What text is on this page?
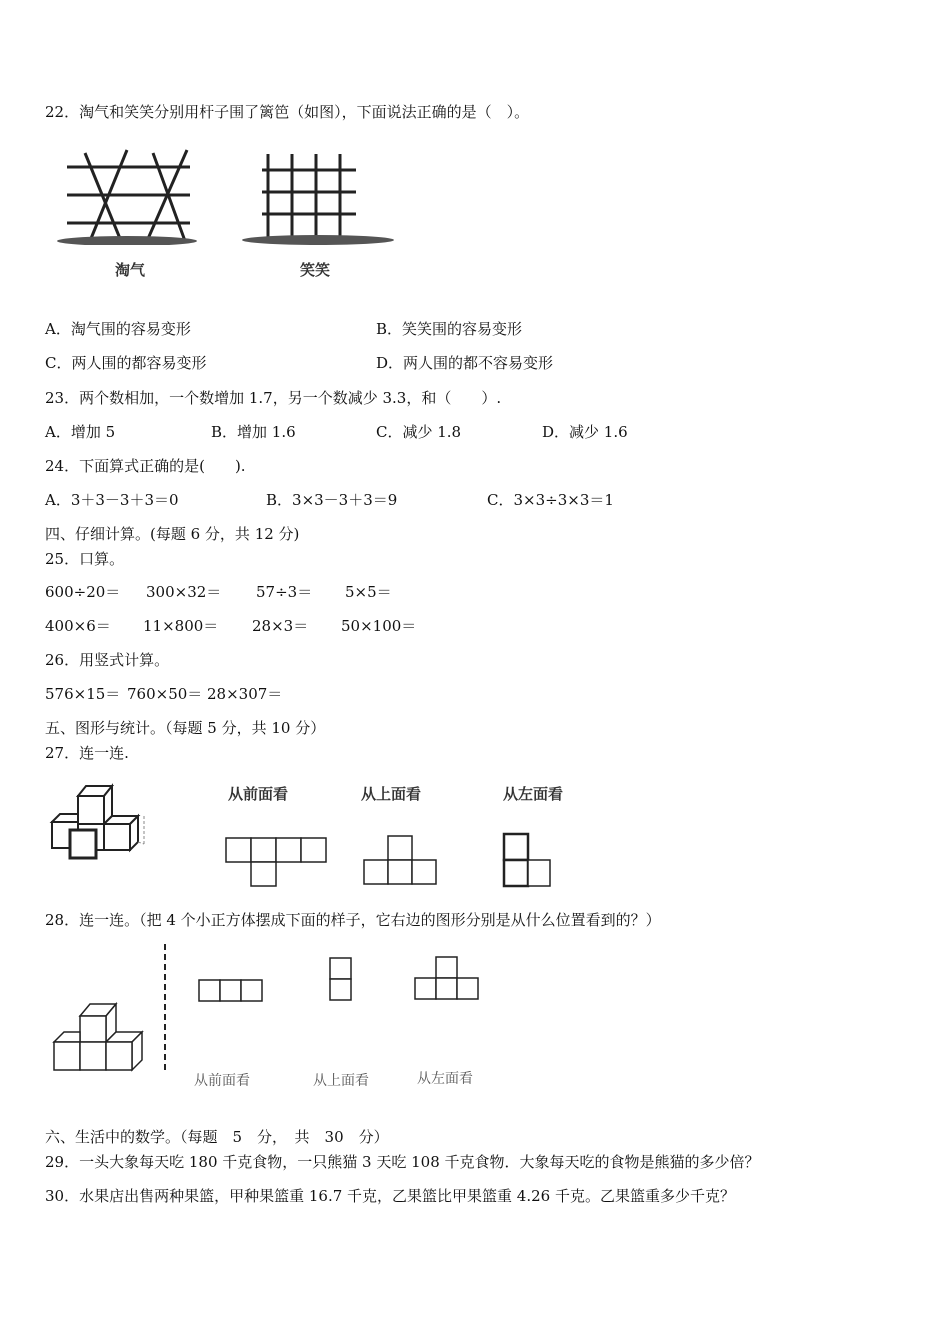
22．淘气和笑笑分别用杆子围了篱笆（如图），下面说法正确的是（　）。
淘气	笑笑
A．淘气围的容易变形	B．笑笑围的容易变形
C．两人围的都容易变形	D．两人围的都不容易变形
23．两个数相加，一个数增加 1.7，另一个数减少 3.3，和（　　）.
A．增加 5	B．增加 1.6	C．减少 1.8	D．减少 1.6
24．下面算式正确的是(　　).
A．3＋3－3＋3＝0	B．3×3－3＋3＝9	C．3×3÷3×3＝1
四、仔细计算。(每题 6 分，共 12 分)
25．口算。
600÷20＝ 300×32＝ 57÷3＝ 5×5＝
400×6＝ 11×800＝ 28×3＝ 50×100＝
26．用竖式计算。
576×15＝ 760×50＝ 28×307＝
五、图形与统计。（每题 5 分，共 10 分）
27．连一连.
从前面看	从上面看	从左面看
28．连一连。（把 4 个小正方体摆成下面的样子，它右边的图形分别是从什么位置看到的？）
从前面看	从上面看	从左面看
六、生活中的数学。（每题　5　分，　共　30　分）
29．一头大象每天吃 180 千克食物，一只熊猫 3 天吃 108 千克食物．大象每天吃的食物是熊猫的多少倍？
30．水果店出售两种果篮，甲种果篮重 16.7 千克，乙果篮比甲果篮重 4.26 千克。乙果篮重多少千克？
